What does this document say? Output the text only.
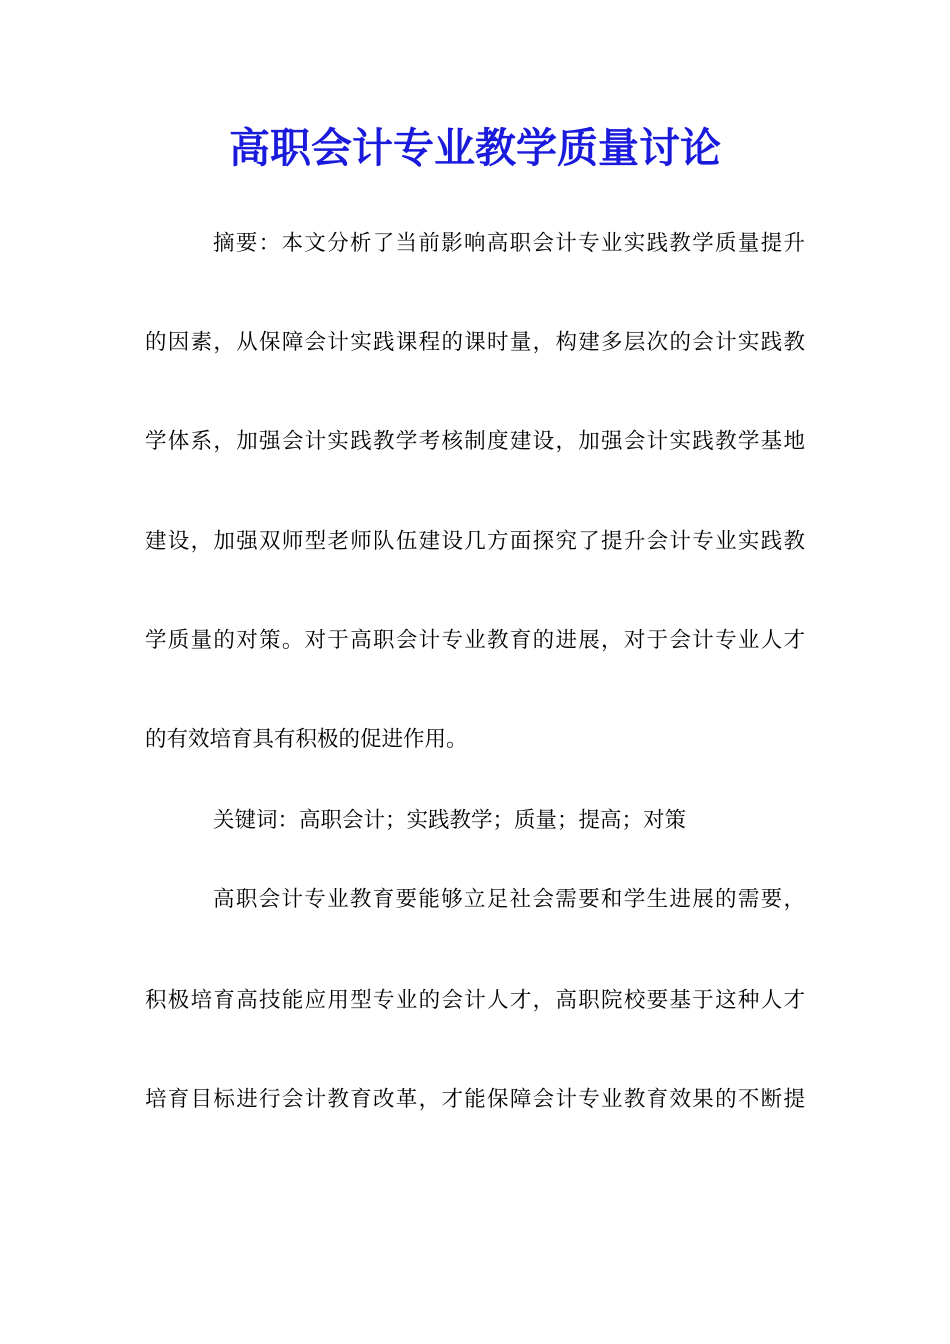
高职会计专业教学质量讨论
摘要：本文分析了当前影响高职会计专业实践教学质量提升
的因素，从保障会计实践课程的课时量，构建多层次的会计实践教
学体系，加强会计实践教学考核制度建设，加强会计实践教学基地
建设，加强双师型老师队伍建设几方面探究了提升会计专业实践教
学质量的对策。对于高职会计专业教育的进展，对于会计专业人才
的有效培育具有积极的促进作用。
关键词：高职会计；实践教学；质量；提高；对策
高职会计专业教育要能够立足社会需要和学生进展的需要，
积极培育高技能应用型专业的会计人才，高职院校要基于这种人才
培育目标进行会计教育改革，才能保障会计专业教育效果的不断提
